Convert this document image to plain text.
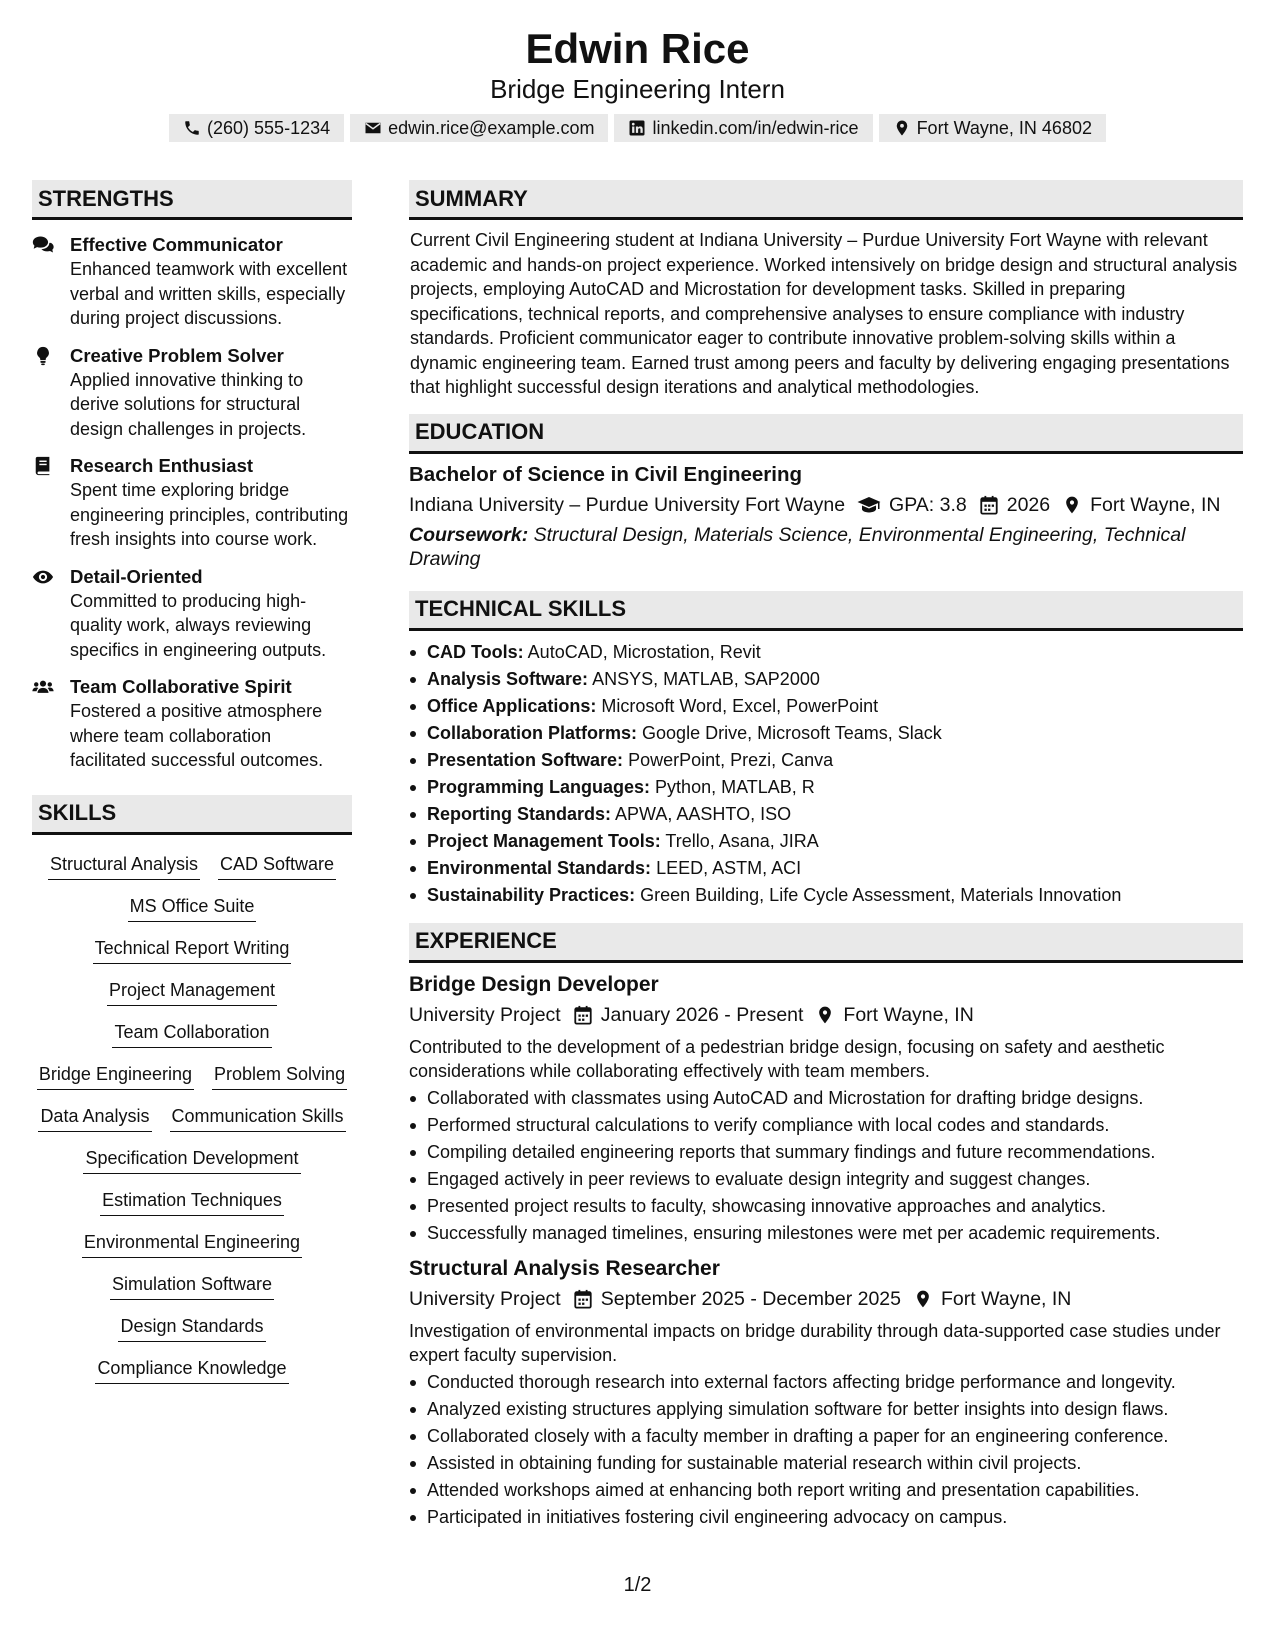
Edwin Rice
Bridge Engineering Intern
(260) 555-1234	edwin.rice@example.com	linkedin.com/in/edwin-rice	Fort Wayne, IN 46802
STRENGTHS
Effective Communicator
Enhanced teamwork with excellent verbal and written skills, especially during project discussions.
Creative Problem Solver
Applied innovative thinking to derive solutions for structural design challenges in projects.
Research Enthusiast
Spent time exploring bridge engineering principles, contributing fresh insights into course work.
Detail-Oriented
Committed to producing high-quality work, always reviewing specifics in engineering outputs.
Team Collaborative Spirit
Fostered a positive atmosphere where team collaboration facilitated successful outcomes.
SKILLS
Structural Analysis CAD Software
MS Office Suite
Technical Report Writing
Project Management
Team Collaboration
Bridge Engineering Problem Solving
Data Analysis Communication Skills
Specification Development
Estimation Techniques
Environmental Engineering
Simulation Software
Design Standards
Compliance Knowledge
SUMMARY
Current Civil Engineering student at Indiana University – Purdue University Fort Wayne with relevant academic and hands-on project experience. Worked intensively on bridge design and structural analysis projects, employing AutoCAD and Microstation for development tasks. Skilled in preparing specifications, technical reports, and comprehensive analyses to ensure compliance with industry standards. Proficient communicator eager to contribute innovative problem-solving skills within a dynamic engineering team. Earned trust among peers and faculty by delivering engaging presentations that highlight successful design iterations and analytical methodologies.
EDUCATION
Bachelor of Science in Civil Engineering
Indiana University – Purdue University Fort Wayne GPA: 3.8 2026 Fort Wayne, IN
Coursework: Structural Design, Materials Science, Environmental Engineering, Technical Drawing
TECHNICAL SKILLS
CAD Tools: AutoCAD, Microstation, Revit
Analysis Software: ANSYS, MATLAB, SAP2000
Office Applications: Microsoft Word, Excel, PowerPoint
Collaboration Platforms: Google Drive, Microsoft Teams, Slack
Presentation Software: PowerPoint, Prezi, Canva
Programming Languages: Python, MATLAB, R
Reporting Standards: APWA, AASHTO, ISO
Project Management Tools: Trello, Asana, JIRA
Environmental Standards: LEED, ASTM, ACI
Sustainability Practices: Green Building, Life Cycle Assessment, Materials Innovation
EXPERIENCE
Bridge Design Developer
University Project January 2026 - Present Fort Wayne, IN
Contributed to the development of a pedestrian bridge design, focusing on safety and aesthetic considerations while collaborating effectively with team members.
Collaborated with classmates using AutoCAD and Microstation for drafting bridge designs.
Performed structural calculations to verify compliance with local codes and standards.
Compiling detailed engineering reports that summary findings and future recommendations.
Engaged actively in peer reviews to evaluate design integrity and suggest changes.
Presented project results to faculty, showcasing innovative approaches and analytics.
Successfully managed timelines, ensuring milestones were met per academic requirements.
Structural Analysis Researcher
University Project September 2025 - December 2025 Fort Wayne, IN
Investigation of environmental impacts on bridge durability through data-supported case studies under expert faculty supervision.
Conducted thorough research into external factors affecting bridge performance and longevity.
Analyzed existing structures applying simulation software for better insights into design flaws.
Collaborated closely with a faculty member in drafting a paper for an engineering conference.
Assisted in obtaining funding for sustainable material research within civil projects.
Attended workshops aimed at enhancing both report writing and presentation capabilities.
Participated in initiatives fostering civil engineering advocacy on campus.
1/2
